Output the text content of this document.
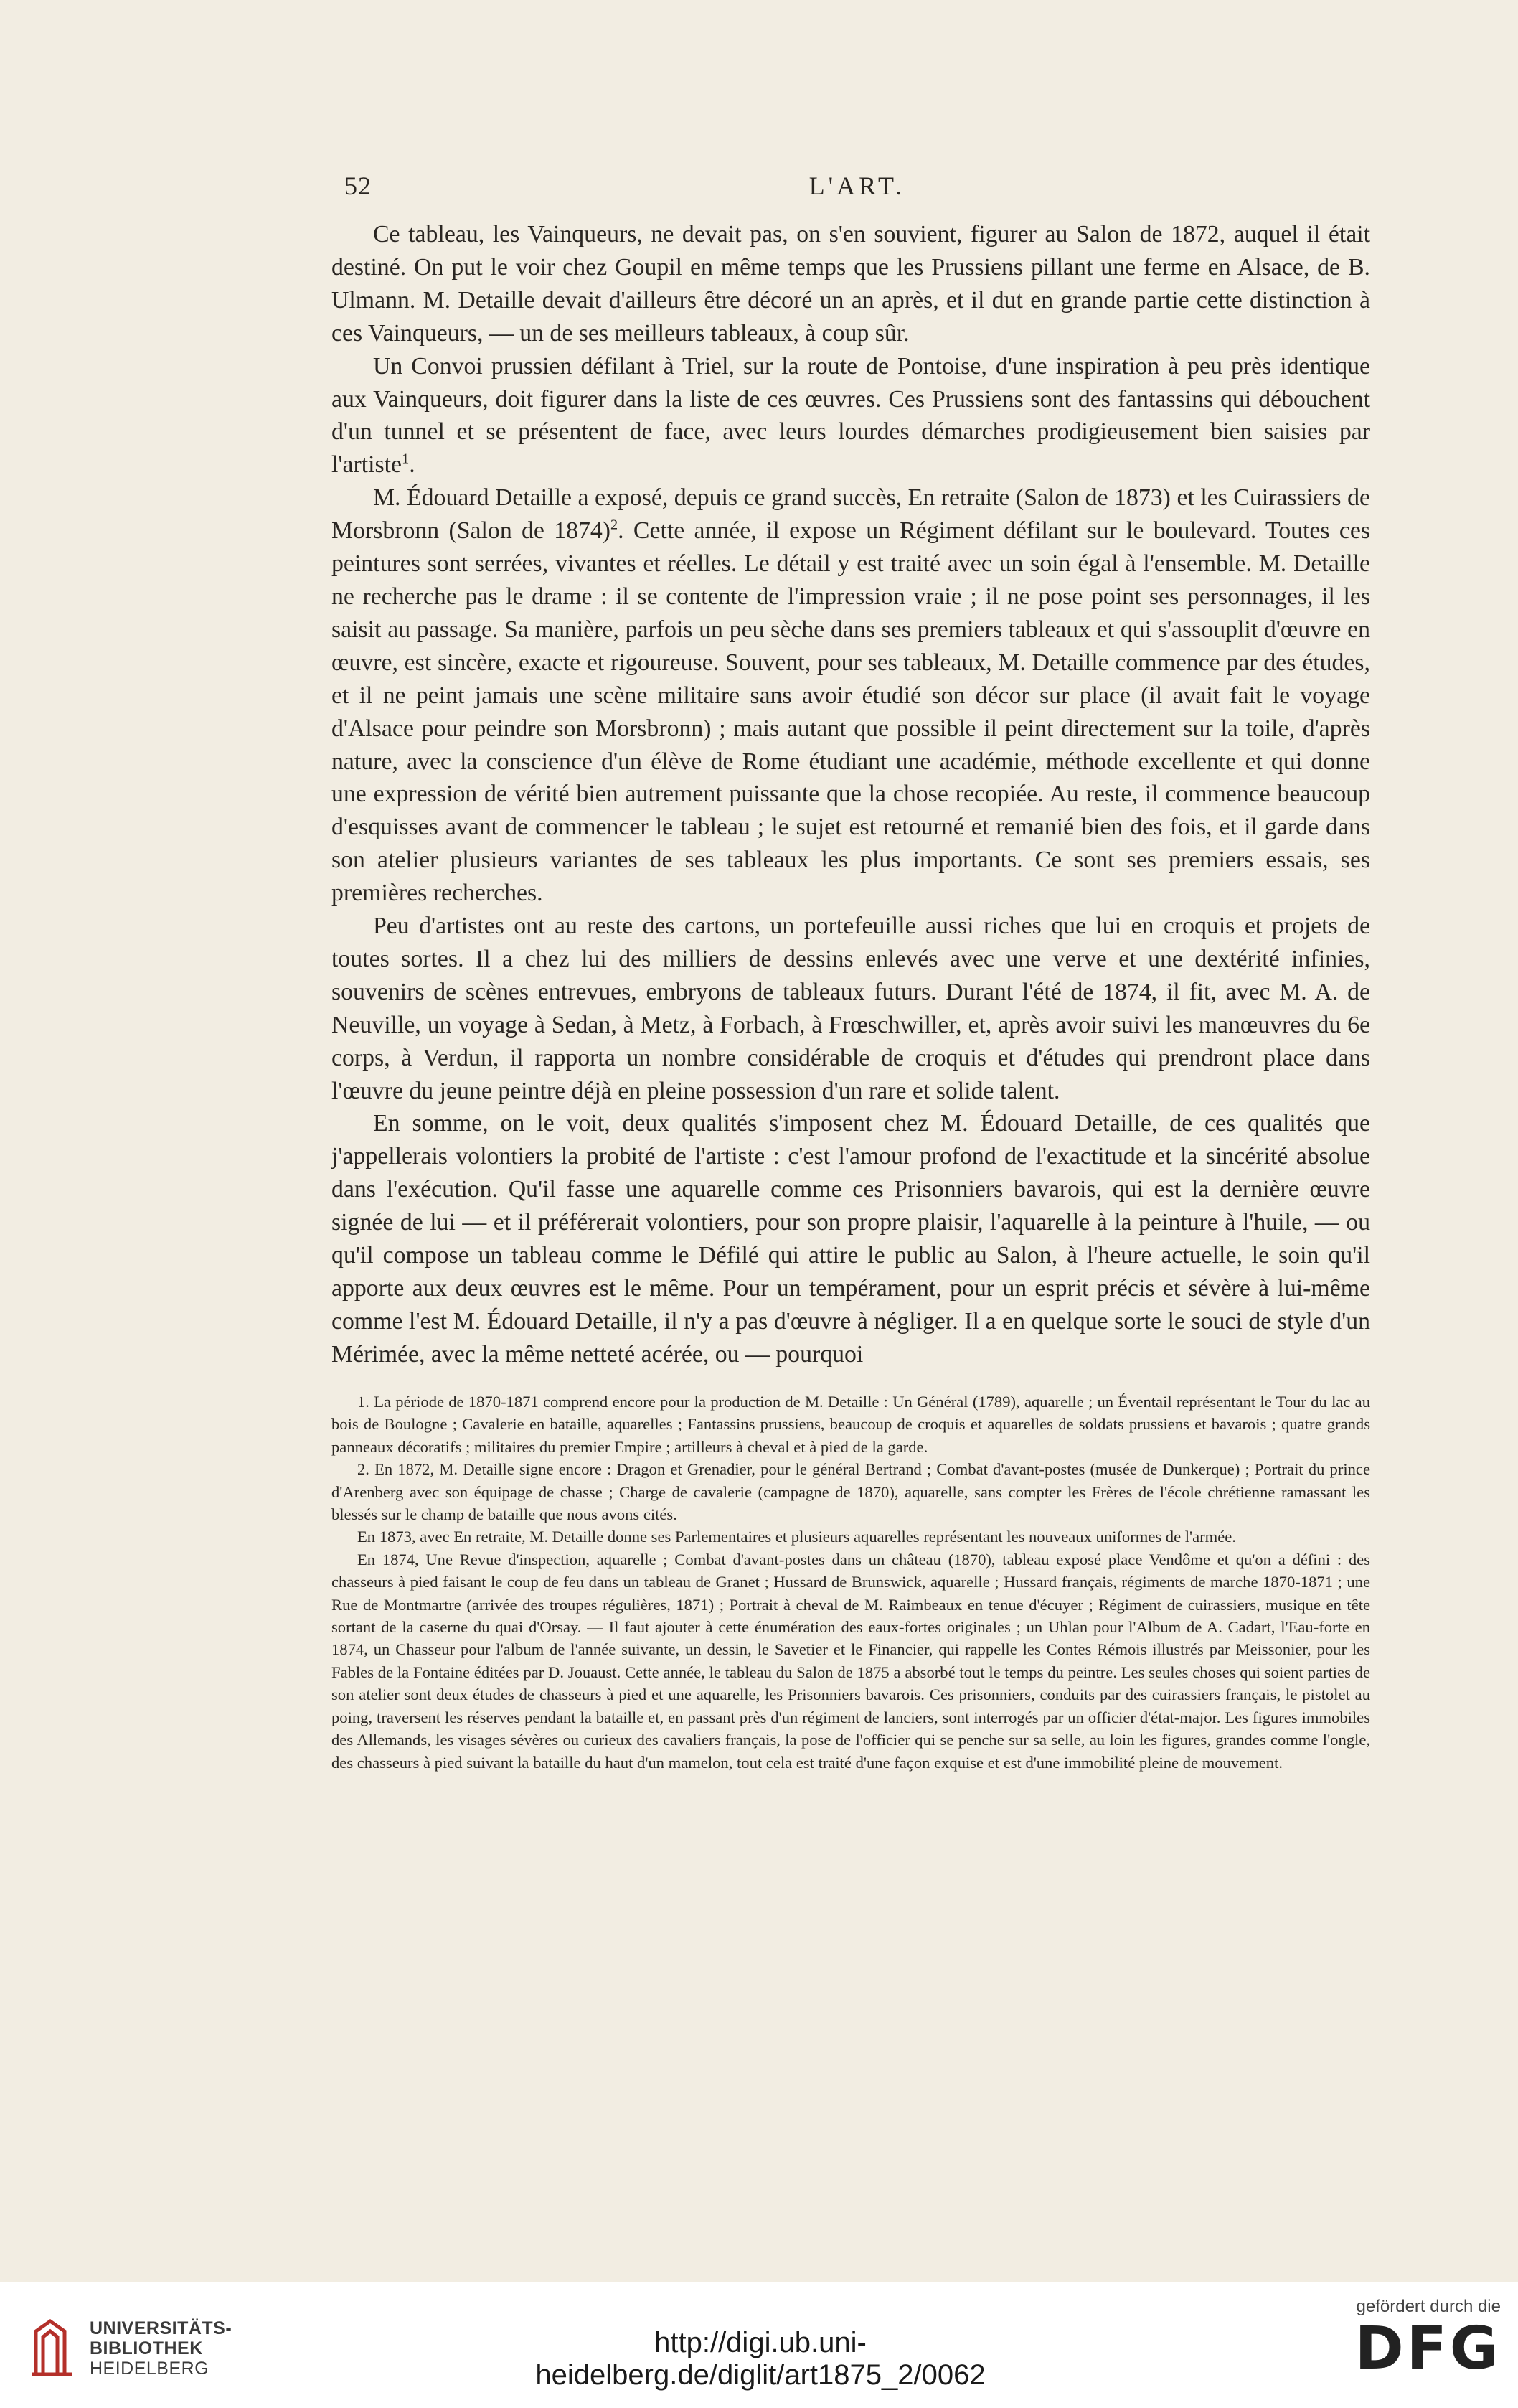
52	L'ART.

Ce tableau, les Vainqueurs, ne devait pas, on s'en souvient, figurer au Salon de 1872, auquel il était destiné. On put le voir chez Goupil en même temps que les Prussiens pillant une ferme en Alsace, de B. Ulmann. M. Detaille devait d'ailleurs être décoré un an après, et il dut en grande partie cette distinction à ces Vainqueurs, — un de ses meilleurs tableaux, à coup sûr.

Un Convoi prussien défilant à Triel, sur la route de Pontoise, d'une inspiration à peu près identique aux Vainqueurs, doit figurer dans la liste de ces œuvres. Ces Prussiens sont des fantassins qui débouchent d'un tunnel et se présentent de face, avec leurs lourdes démarches prodigieusement bien saisies par l'artiste$^1$.

M. Édouard Detaille a exposé, depuis ce grand succès, En retraite (Salon de 1873) et les Cuirassiers de Morsbronn (Salon de 1874)$^2$. Cette année, il expose un Régiment défilant sur le boulevard. Toutes ces peintures sont serrées, vivantes et réelles. Le détail y est traité avec un soin égal à l'ensemble. M. Detaille ne recherche pas le drame : il se contente de l'impression vraie ; il ne pose point ses personnages, il les saisit au passage. Sa manière, parfois un peu sèche dans ses premiers tableaux et qui s'assouplit d'œuvre en œuvre, est sincère, exacte et rigoureuse. Souvent, pour ses tableaux, M. Detaille commence par des études, et il ne peint jamais une scène militaire sans avoir étudié son décor sur place (il avait fait le voyage d'Alsace pour peindre son Morsbronn) ; mais autant que possible il peint directement sur la toile, d'après nature, avec la conscience d'un élève de Rome étudiant une académie, méthode excellente et qui donne une expression de vérité bien autrement puissante que la chose recopiée. Au reste, il commence beaucoup d'esquisses avant de commencer le tableau ; le sujet est retourné et remanié bien des fois, et il garde dans son atelier plusieurs variantes de ses tableaux les plus importants. Ce sont ses premiers essais, ses premières recherches.

Peu d'artistes ont au reste des cartons, un portefeuille aussi riches que lui en croquis et projets de toutes sortes. Il a chez lui des milliers de dessins enlevés avec une verve et une dextérité infinies, souvenirs de scènes entrevues, embryons de tableaux futurs. Durant l'été de 1874, il fit, avec M. A. de Neuville, un voyage à Sedan, à Metz, à Forbach, à Frœschwiller, et, après avoir suivi les manœuvres du 6e corps, à Verdun, il rapporta un nombre considérable de croquis et d'études qui prendront place dans l'œuvre du jeune peintre déjà en pleine possession d'un rare et solide talent.

En somme, on le voit, deux qualités s'imposent chez M. Édouard Detaille, de ces qualités que j'appellerais volontiers la probité de l'artiste : c'est l'amour profond de l'exactitude et la sincérité absolue dans l'exécution. Qu'il fasse une aquarelle comme ces Prisonniers bavarois, qui est la dernière œuvre signée de lui — et il préférerait volontiers, pour son propre plaisir, l'aquarelle à la peinture à l'huile, — ou qu'il compose un tableau comme le Défilé qui attire le public au Salon, à l'heure actuelle, le soin qu'il apporte aux deux œuvres est le même. Pour un tempérament, pour un esprit précis et sévère à lui-même comme l'est M. Édouard Detaille, il n'y a pas d'œuvre à négliger. Il a en quelque sorte le souci de style d'un Mérimée, avec la même netteté acérée, ou — pourquoi

1. La période de 1870-1871 comprend encore pour la production de M. Detaille : Un Général (1789), aquarelle ; un Éventail représentant le Tour du lac au bois de Boulogne ; Cavalerie en bataille, aquarelles ; Fantassins prussiens, beaucoup de croquis et aquarelles de soldats prussiens et bavarois ; quatre grands panneaux décoratifs ; militaires du premier Empire ; artilleurs à cheval et à pied de la garde.

2. En 1872, M. Detaille signe encore : Dragon et Grenadier, pour le général Bertrand ; Combat d'avant-postes (musée de Dunkerque) ; Portrait du prince d'Arenberg avec son équipage de chasse ; Charge de cavalerie (campagne de 1870), aquarelle, sans compter les Frères de l'école chrétienne ramassant les blessés sur le champ de bataille que nous avons cités.

En 1873, avec En retraite, M. Detaille donne ses Parlementaires et plusieurs aquarelles représentant les nouveaux uniformes de l'armée.

En 1874, Une Revue d'inspection, aquarelle ; Combat d'avant-postes dans un château (1870), tableau exposé place Vendôme et qu'on a défini : des chasseurs à pied faisant le coup de feu dans un tableau de Granet ; Hussard de Brunswick, aquarelle ; Hussard français, régiments de marche 1870-1871 ; une Rue de Montmartre (arrivée des troupes régulières, 1871) ; Portrait à cheval de M. Raimbeaux en tenue d'écuyer ; Régiment de cuirassiers, musique en tête sortant de la caserne du quai d'Orsay. — Il faut ajouter à cette énumération des eaux-fortes originales ; un Uhlan pour l'Album de A. Cadart, l'Eau-forte en 1874, un Chasseur pour l'album de l'année suivante, un dessin, le Savetier et le Financier, qui rappelle les Contes Rémois illustrés par Meissonier, pour les Fables de la Fontaine éditées par D. Jouaust. Cette année, le tableau du Salon de 1875 a absorbé tout le temps du peintre. Les seules choses qui soient parties de son atelier sont deux études de chasseurs à pied et une aquarelle, les Prisonniers bavarois. Ces prisonniers, conduits par des cuirassiers français, le pistolet au poing, traversent les réserves pendant la bataille et, en passant près d'un régiment de lanciers, sont interrogés par un officier d'état-major. Les figures immobiles des Allemands, les visages sévères ou curieux des cavaliers français, la pose de l'officier qui se penche sur sa selle, au loin les figures, grandes comme l'ongle, des chasseurs à pied suivant la bataille du haut d'un mamelon, tout cela est traité d'une façon exquise et est d'une immobilité pleine de mouvement.

UNIVERSITÄTS-
BIBLIOTHEK
HEIDELBERG
http://digi.ub.uni-heidelberg.de/diglit/art1875_2/0062
gefördert durch die
DFG
